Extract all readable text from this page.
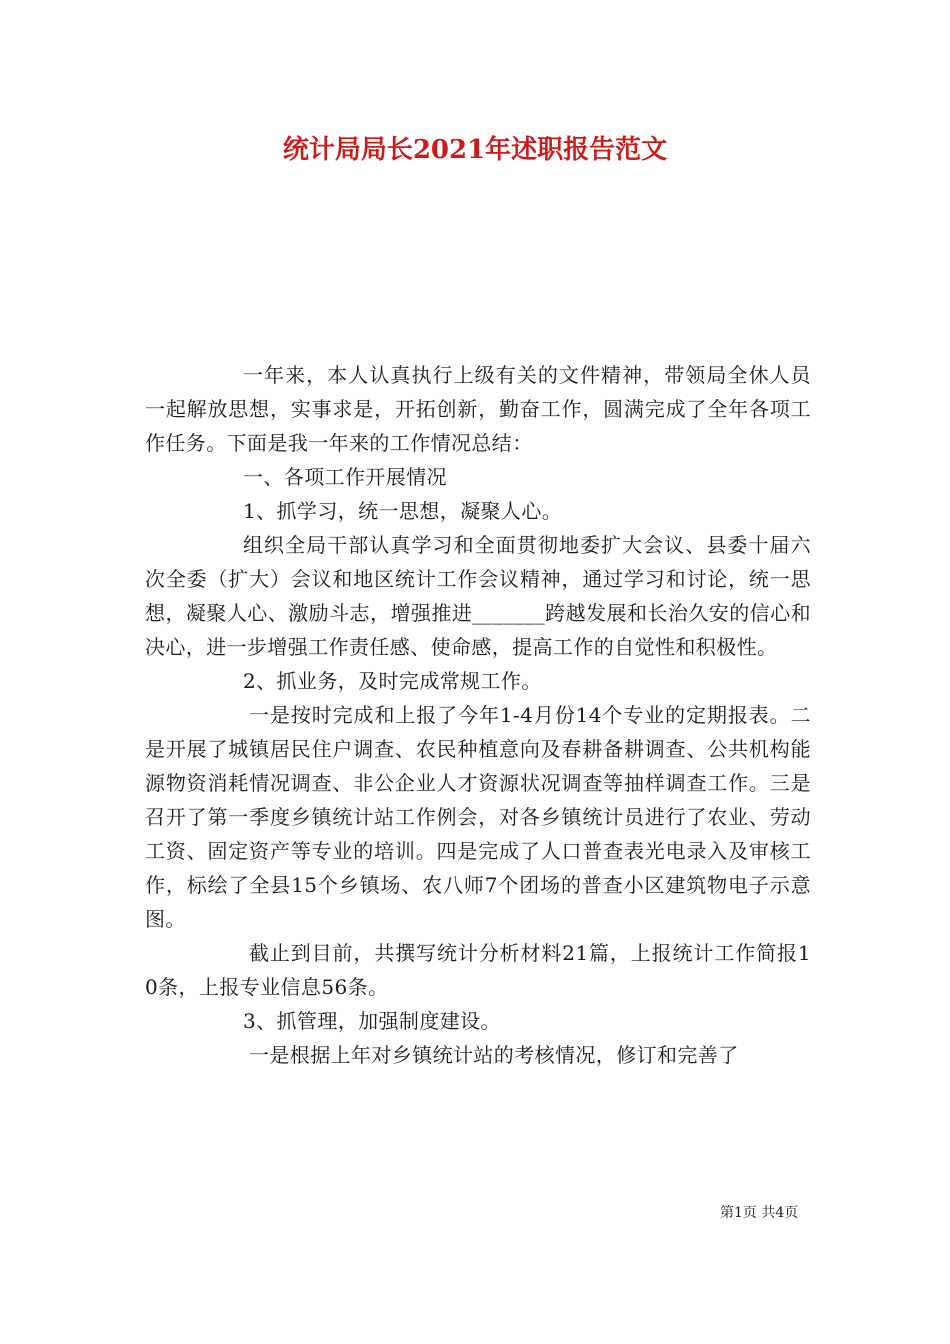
统计局局长2021年述职报告范文

一年来，本人认真执行上级有关的文件精神，带领局全休人员一起解放思想，实事求是，开拓创新，勤奋工作，圆满完成了全年各项工作任务。下面是我一年来的工作情况总结：

一、各项工作开展情况

1、抓学习，统一思想，凝聚人心。

组织全局干部认真学习和全面贯彻地委扩大会议、县委十届六次全委（扩大）会议和地区统计工作会议精神，通过学习和讨论，统一思想，凝聚人心、激励斗志，增强推进_______跨越发展和长治久安的信心和决心，进一步增强工作责任感、使命感，提高工作的自觉性和积极性。

2、抓业务，及时完成常规工作。

一是按时完成和上报了今年1-4月份14个专业的定期报表。二是开展了城镇居民住户调查、农民种植意向及春耕备耕调查、公共机构能源物资消耗情况调查、非公企业人才资源状况调查等抽样调查工作。三是召开了第一季度乡镇统计站工作例会，对各乡镇统计员进行了农业、劳动工资、固定资产等专业的培训。四是完成了人口普查表光电录入及审核工作，标绘了全县15个乡镇场、农八师7个团场的普查小区建筑物电子示意图。

截止到目前，共撰写统计分析材料21篇，上报统计工作简报10条，上报专业信息56条。

3、抓管理，加强制度建设。

一是根据上年对乡镇统计站的考核情况，修订和完善了

第1页 共4页
